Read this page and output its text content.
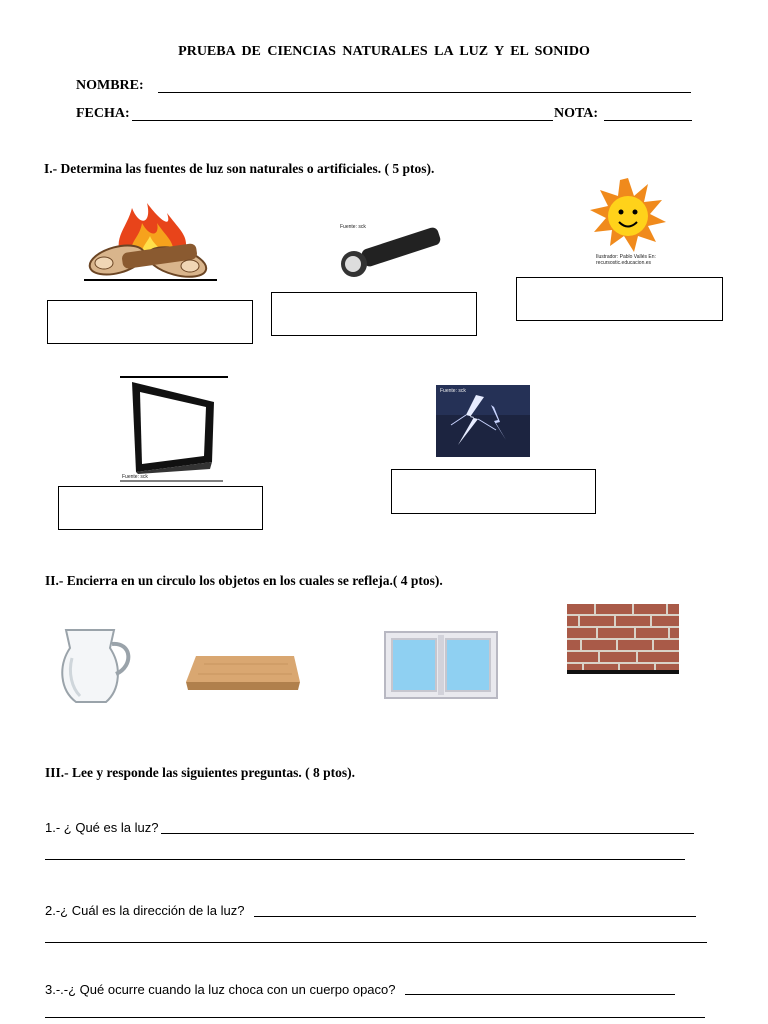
PRUEBA DE CIENCIAS NATURALES LA LUZ Y EL SONIDO
NOMBRE:
FECHA:	NOTA:
I.- Determina las fuentes de luz son naturales o artificiales. ( 5 ptos).
Fuente: sck
Ilustrador: Pablo Vallés En: recursostic.educacion.es
Fuente: sck
Fuente: sck
II.- Encierra en un circulo los objetos en los cuales se refleja.( 4 ptos).
III.- Lee y responde las siguientes preguntas. ( 8 ptos).
1.- ¿ Qué es la luz?
2.-¿ Cuál es la dirección de la luz?
3.-.-¿ Qué ocurre cuando la luz choca con un cuerpo opaco?
